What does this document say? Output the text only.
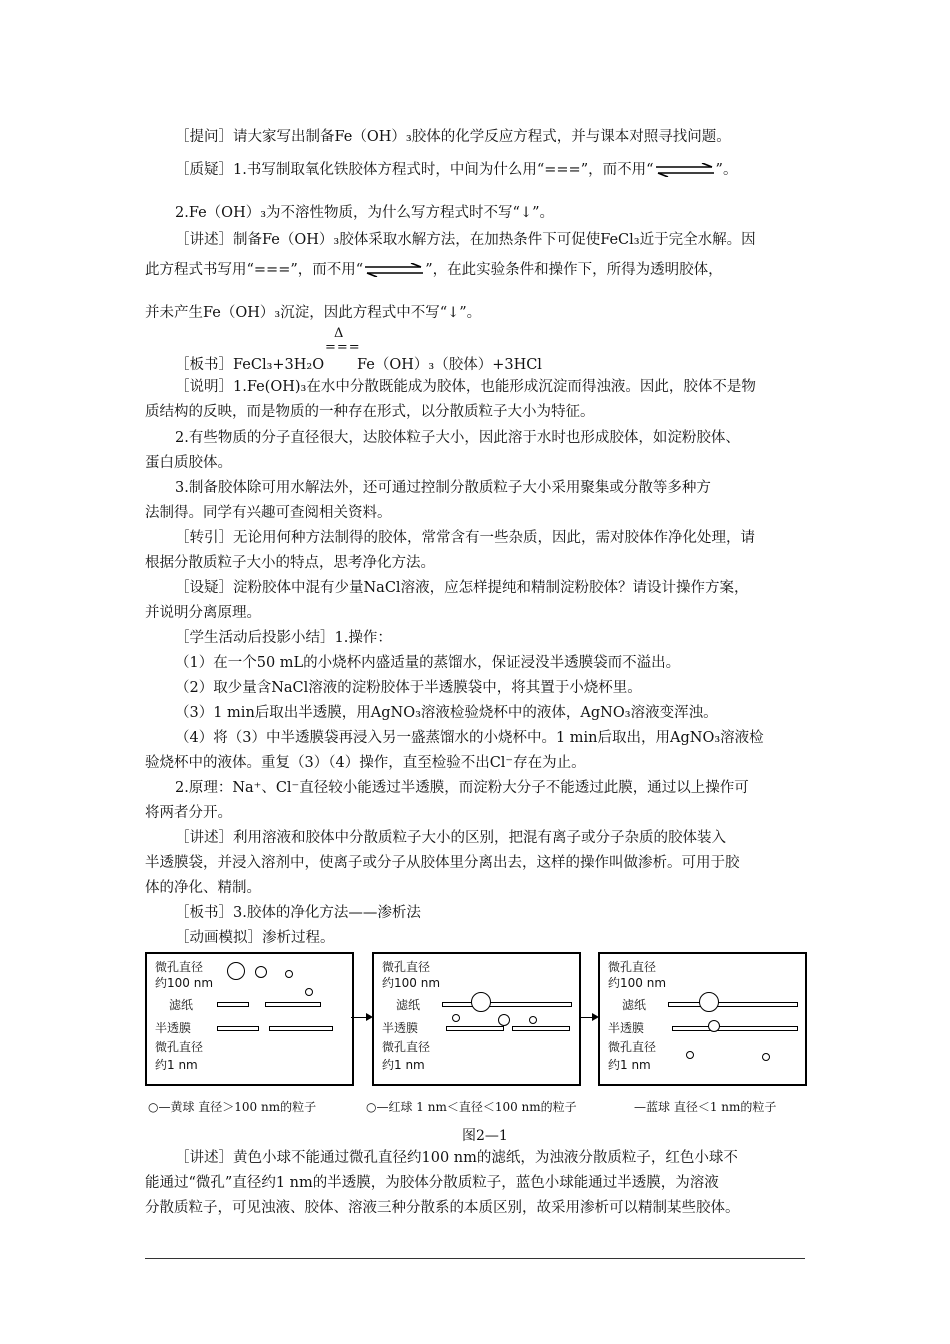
［提问］请大家写出制备Fe（OH）₃胶体的化学反应方程式，并与课本对照寻找问题。
［质疑］1.书写制取氧化铁胶体方程式时，中间为什么用“===”，而不用“	”。
2.Fe（OH）₃为不溶性物质，为什么写方程式时不写“↓”。
［讲述］制备Fe（OH）₃胶体采取水解方法，在加热条件下可促使FeCl₃近于完全水解。因
此方程式书写用“===”，而不用“	”，在此实验条件和操作下，所得为透明胶体，
并未产生Fe（OH）₃沉淀，因此方程式中不写“↓”。
Δ
===
［板书］FeCl₃+3H₂O Fe（OH）₃（胶体）+3HCl
［说明］1.Fe(OH)₃在水中分散既能成为胶体，也能形成沉淀而得浊液。因此，胶体不是物
质结构的反映，而是物质的一种存在形式，以分散质粒子大小为特征。
2.有些物质的分子直径很大，达胶体粒子大小，因此溶于水时也形成胶体，如淀粉胶体、
蛋白质胶体。
3.制备胶体除可用水解法外，还可通过控制分散质粒子大小采用聚集或分散等多种方
法制得。同学有兴趣可查阅相关资料。
［转引］无论用何种方法制得的胶体，常常含有一些杂质，因此，需对胶体作净化处理，请
根据分散质粒子大小的特点，思考净化方法。
［设疑］淀粉胶体中混有少量NaCl溶液，应怎样提纯和精制淀粉胶体？请设计操作方案，
并说明分离原理。
［学生活动后投影小结］1.操作：
（1）在一个50 mL的小烧杯内盛适量的蒸馏水，保证浸没半透膜袋而不溢出。
（2）取少量含NaCl溶液的淀粉胶体于半透膜袋中，将其置于小烧杯里。
（3）1 min后取出半透膜，用AgNO₃溶液检验烧杯中的液体，AgNO₃溶液变浑浊。
（4）将（3）中半透膜袋再浸入另一盛蒸馏水的小烧杯中。1 min后取出，用AgNO₃溶液检
验烧杯中的液体。重复（3）（4）操作，直至检验不出Cl⁻存在为止。
2.原理：Na⁺、Cl⁻直径较小能透过半透膜，而淀粉大分子不能透过此膜，通过以上操作可
将两者分开。
［讲述］利用溶液和胶体中分散质粒子大小的区别，把混有离子或分子杂质的胶体装入
半透膜袋，并浸入溶剂中，使离子或分子从胶体里分离出去，这样的操作叫做渗析。可用于胶
体的净化、精制。
［板书］3.胶体的净化方法——渗析法
［动画模拟］渗析过程。
微孔直径
约100 nm
滤纸
半透膜
微孔直径
约1 nm
微孔直径
约100 nm
滤纸
半透膜
微孔直径
约1 nm
微孔直径
约100 nm
滤纸
半透膜
微孔直径
约1 nm
○—黄球 直径＞100 nm的粒子	○—红球 1 nm＜直径＜100 nm的粒子	—蓝球 直径＜1 nm的粒子
图2—1
［讲述］黄色小球不能通过微孔直径约100 nm的滤纸，为浊液分散质粒子，红色小球不
能通过“微孔”直径约1 nm的半透膜，为胶体分散质粒子，蓝色小球能通过半透膜，为溶液
分散质粒子，可见浊液、胶体、溶液三种分散系的本质区别，故采用渗析可以精制某些胶体。
